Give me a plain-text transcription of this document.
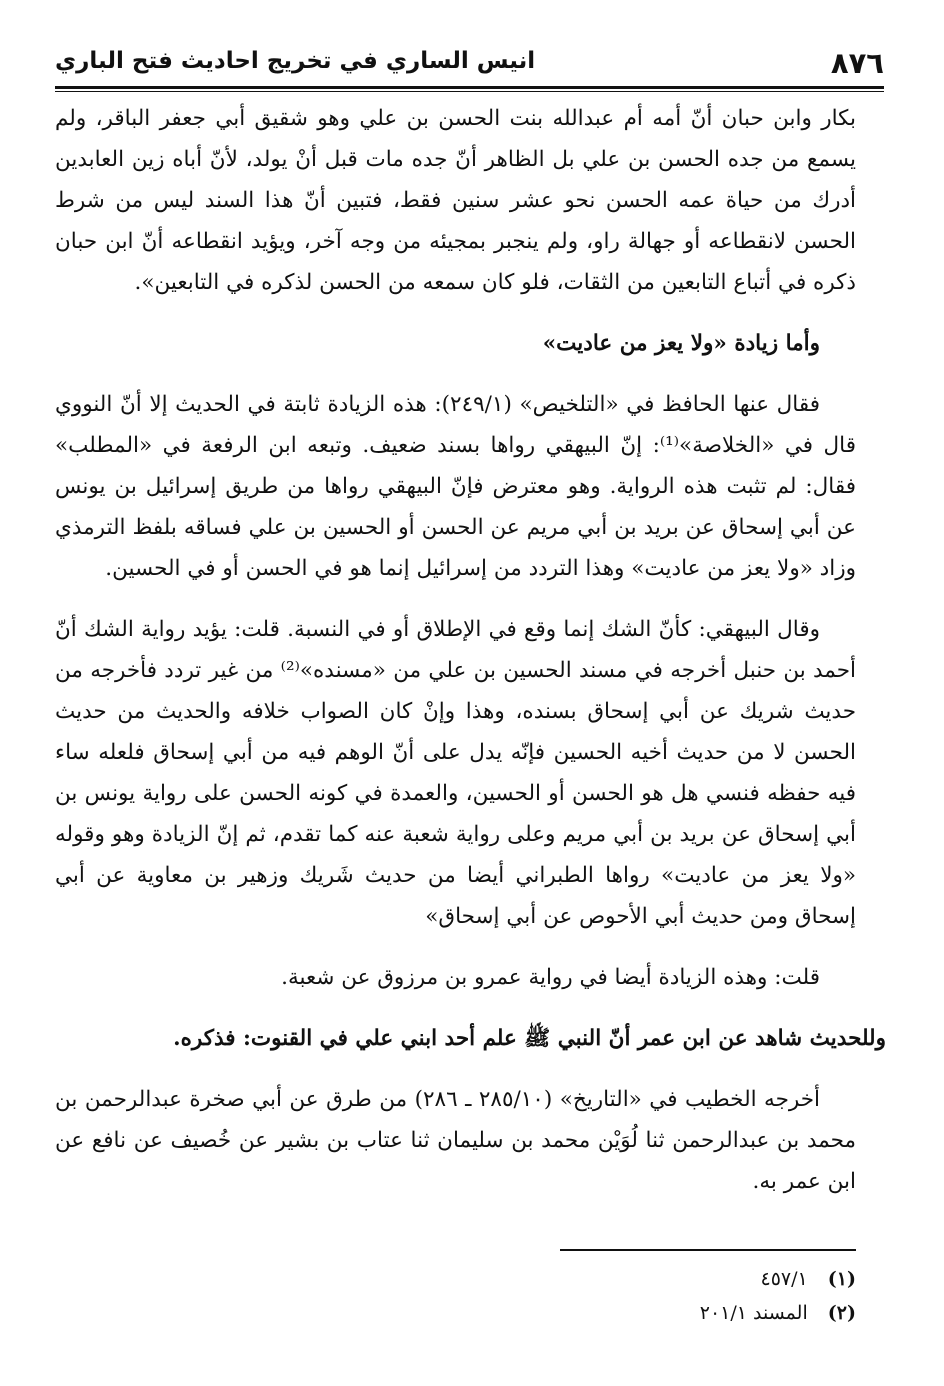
٨٧٦
انيس الساري في تخريج احاديث فتح الباري

بكار وابن حبان أنّ أمه أم عبدالله بنت الحسن بن علي وهو شقيق أبي جعفر الباقر، ولم يسمع من جده الحسن بن علي بل الظاهر أنّ جده مات قبل أنْ يولد، لأنّ أباه زين العابدين أدرك من حياة عمه الحسن نحو عشر سنين فقط، فتبين أنّ هذا السند ليس من شرط الحسن لانقطاعه أو جهالة راو، ولم ينجبر بمجيئه من وجه آخر، ويؤيد انقطاعه أنّ ابن حبان ذكره في أتباع التابعين من الثقات، فلو كان سمعه من الحسن لذكره في التابعين».

وأما زيادة «ولا يعز من عاديت»

فقال عنها الحافظ في «التلخيص» (٢٤٩/١): هذه الزيادة ثابتة في الحديث إلا أنّ النووي قال في «الخلاصة»⁽¹⁾: إنّ البيهقي رواها بسند ضعيف. وتبعه ابن الرفعة في «المطلب» فقال: لم تثبت هذه الرواية. وهو معترض فإنّ البيهقي رواها من طريق إسرائيل بن يونس عن أبي إسحاق عن بريد بن أبي مريم عن الحسن أو الحسين بن علي فساقه بلفظ الترمذي وزاد «ولا يعز من عاديت» وهذا التردد من إسرائيل إنما هو في الحسن أو في الحسين.

وقال البيهقي: كأنّ الشك إنما وقع في الإطلاق أو في النسبة. قلت: يؤيد رواية الشك أنّ أحمد بن حنبل أخرجه في مسند الحسين بن علي من «مسنده»⁽²⁾ من غير تردد فأخرجه من حديث شريك عن أبي إسحاق بسنده، وهذا وإنْ كان الصواب خلافه والحديث من حديث الحسن لا من حديث أخيه الحسين فإنّه يدل على أنّ الوهم فيه من أبي إسحاق فلعله ساء فيه حفظه فنسي هل هو الحسن أو الحسين، والعمدة في كونه الحسن على رواية يونس بن أبي إسحاق عن بريد بن أبي مريم وعلى رواية شعبة عنه كما تقدم، ثم إنّ الزيادة وهو وقوله «ولا يعز من عاديت» رواها الطبراني أيضا من حديث شَريك وزهير بن معاوية عن أبي إسحاق ومن حديث أبي الأحوص عن أبي إسحاق»

قلت: وهذه الزيادة أيضا في رواية عمرو بن مرزوق عن شعبة.

وللحديث شاهد عن ابن عمر أنّ النبي ﷺ علم أحد ابني علي في القنوت: فذكره.

أخرجه الخطيب في «التاريخ» (٢٨٥/١٠ ـ ٢٨٦) من طرق عن أبي صخرة عبدالرحمن بن محمد بن عبدالرحمن ثنا لُوَيْن محمد بن سليمان ثنا عتاب بن بشير عن خُصيف عن نافع عن ابن عمر به.

(١) ٤٥٧/١
(٢) المسند ٢٠١/١
